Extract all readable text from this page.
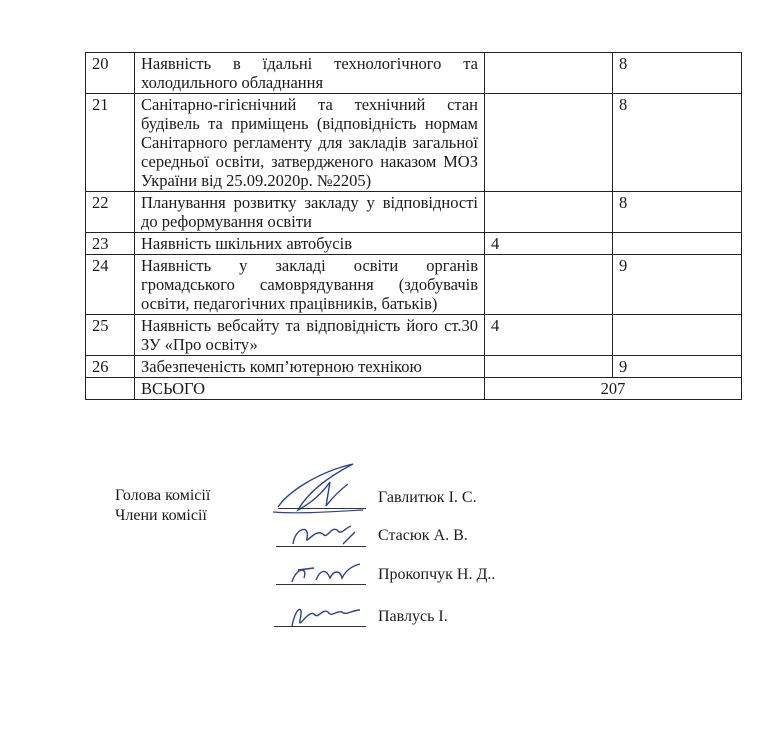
20	Наявність в їдальні технологічного та холодильного обладнання		8
21	Санітарно-гігієнічний та технічний стан будівель та приміщень (відповідність нормам Санітарного регламенту для закладів загальної середньої освіти, затвердженого наказом МОЗ України від 25.09.2020р. №2205)		8
22	Планування розвитку закладу у відповідності до реформування освіти		8
23	Наявність шкільних автобусів	4	
24	Наявність у закладі освіти органів громадського самоврядування (здобувачів освіти, педагогічних працівників, батьків)		9
25	Наявність вебсайту та відповідність його ст.30 ЗУ «Про освіту»	4	
26	Забезпеченість комп’ютерною технікою		9
	ВСЬОГО	207	
Голова комісії
Члени комісії
Гавлитюк І. С.
Стасюк А. В.
Прокопчук Н. Д..
Павлусь І.
